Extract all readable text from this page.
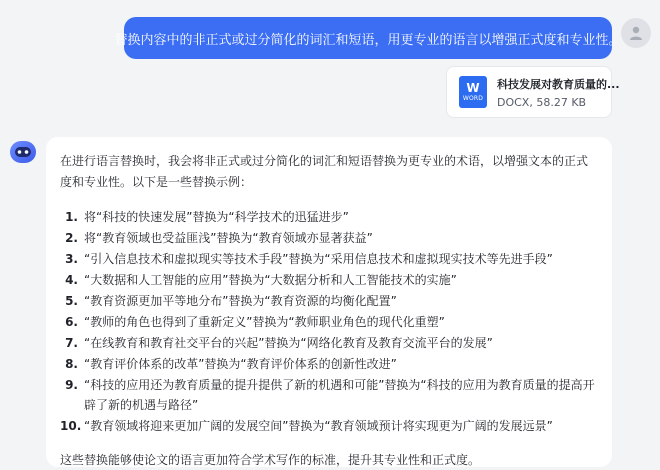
替换内容中的非正式或过分简化的词汇和短语，用更专业的语言以增强正式度和专业性。
W
WORD
科技发展对教育质量的...
DOCX, 58.27 KB

在进行语言替换时，我会将非正式或过分简化的词汇和短语替换为更专业的术语，以增强文本的正式度和专业性。以下是一些替换示例：

1. 将“科技的快速发展”替换为“科学技术的迅猛进步”
2. 将“教育领域也受益匪浅”替换为“教育领域亦显著获益”
3. “引入信息技术和虚拟现实等技术手段”替换为“采用信息技术和虚拟现实技术等先进手段”
4. “大数据和人工智能的应用”替换为“大数据分析和人工智能技术的实施”
5. “教育资源更加平等地分布”替换为“教育资源的均衡化配置”
6. “教师的角色也得到了重新定义”替换为“教师职业角色的现代化重塑”
7. “在线教育和教育社交平台的兴起”替换为“网络化教育及教育交流平台的发展”
8. “教育评价体系的改革”替换为“教育评价体系的创新性改进”
9. “科技的应用还为教育质量的提升提供了新的机遇和可能”替换为“科技的应用为教育质量的提高开辟了新的机遇与路径”
10. “教育领域将迎来更加广阔的发展空间”替换为“教育领域预计将实现更为广阔的发展远景”

这些替换能够使论文的语言更加符合学术写作的标准，提升其专业性和正式度。
